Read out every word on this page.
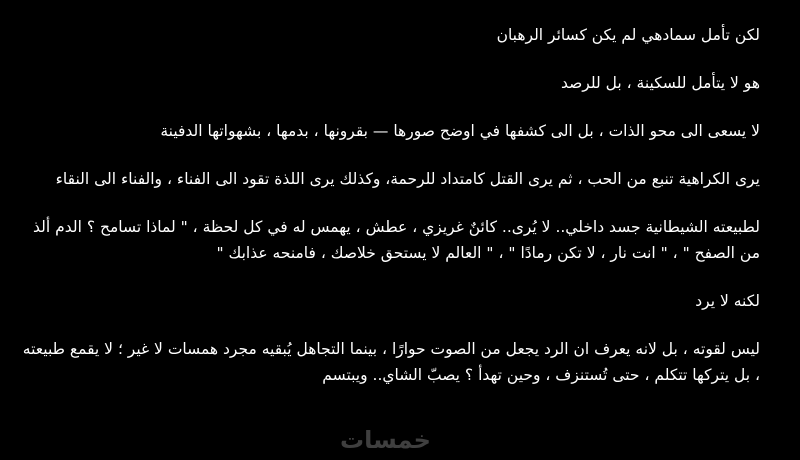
لكن تأمل سمادهي لم يكن كسائر الرهبان

هو لا يتأمل للسكينة ، بل للرصد

لا يسعى الى محو الذات ، بل الى كشفها في اوضح صورها — بقرونها ، بدمها ، بشهواتها الدفينة

يرى الكراهية تنبع من الحب ، ثم يرى القتل كامتداد للرحمة، وكذلك يرى اللذة تقود الى الفناء ، والفناء الى النقاء

لطبيعته الشيطانية جسد داخلي.. لا يُرى.. كائنٌ غريزي ، عطش ، يهمس له في كل لحظة ، " لماذا تسامح ؟ الدم ألذ من الصفح " ، " انت نار ، لا تكن رمادًا " ، " العالم لا يستحق خلاصك ، فامنحه عذابك "

لكنه لا يرد

ليس لقوته ، بل لانه يعرف ان الرد يجعل من الصوت حوارًا ، بينما التجاهل يُبقيه مجرد همسات لا غير ؛ لا يقمع طبيعته ، بل يتركها تتكلم ، حتى تُستنزف ، وحين تهدأ ؟ يصبّ الشاي.. ويبتسم

خمسات
